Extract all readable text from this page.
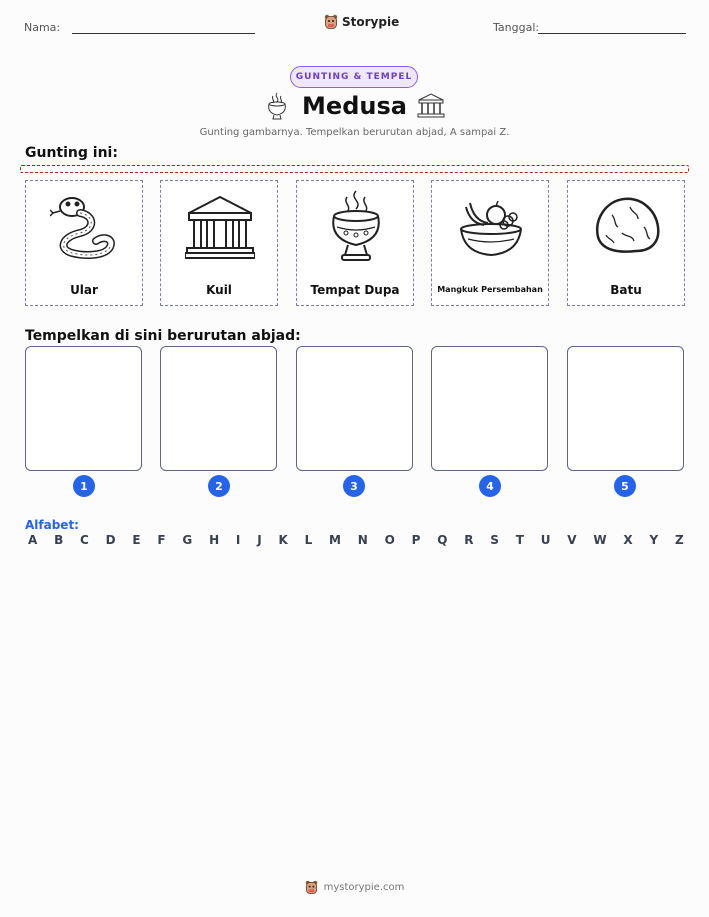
Nama:	Storypie	Tanggal:
GUNTING & TEMPEL
Medusa
Gunting gambarnya. Tempelkan berurutan abjad, A sampai Z.
Gunting ini:
Ular	Kuil	Tempat Dupa	Mangkuk Persembahan	Batu
Tempelkan di sini berurutan abjad:
1	2	3	4	5
Alfabet:
A B C D E F G H I J K L M N O P Q R S T U V W X Y Z
mystorypie.com
